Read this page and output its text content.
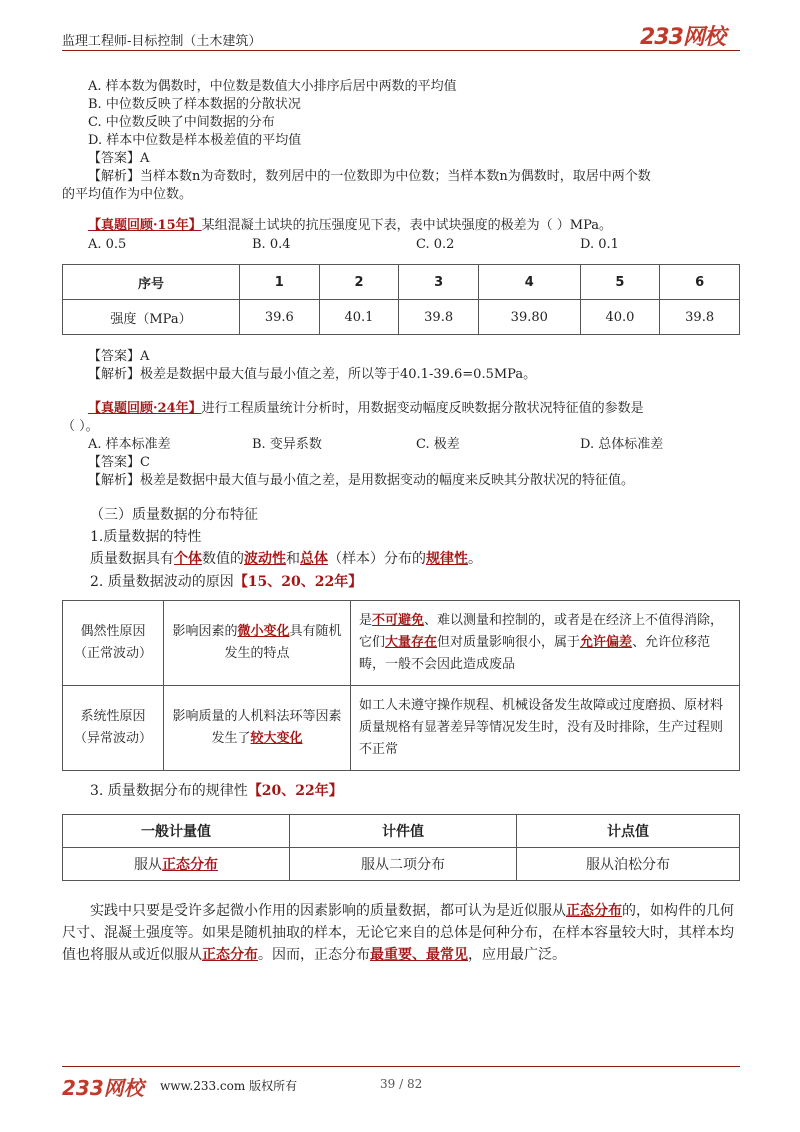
监理工程师-目标控制（土木建筑）	233网校
A. 样本数为偶数时，中位数是数值大小排序后居中两数的平均值
B. 中位数反映了样本数据的分散状况
C. 中位数反映了中间数据的分布
D. 样本中位数是样本极差值的平均值
【答案】A
【解析】当样本数n为奇数时，数列居中的一位数即为中位数；当样本数n为偶数时，取居中两个数
的平均值作为中位数。
【真题回顾·15年】某组混凝土试块的抗压强度见下表，表中试块强度的极差为（ ）MPa。
A. 0.5	B. 0.4	C. 0.2	D. 0.1
序号	1	2	3	4	5	6
强度（MPa）	39.6	40.1	39.8	39.80	40.0	39.8
【答案】A
【解析】极差是数据中最大值与最小值之差，所以等于40.1-39.6=0.5MPa。
【真题回顾·24年】进行工程质量统计分析时，用数据变动幅度反映数据分散状况特征值的参数是
（ ）。
A. 样本标准差	B. 变异系数	C. 极差	D. 总体标准差
【答案】C
【解析】极差是数据中最大值与最小值之差，是用数据变动的幅度来反映其分散状况的特征值。
（三）质量数据的分布特征
1.质量数据的特性
质量数据具有个体数值的波动性和总体（样本）分布的规律性。
2. 质量数据波动的原因【15、20、22年】
偶然性原因
（正常波动）	影响因素的微小变化具有随机发生的特点	是不可避免、难以测量和控制的，或者是在经济上不值得消除，它们大量存在但对质量影响很小，属于允许偏差、允许位移范畴，一般不会因此造成废品

系统性原因
（异常波动）	影响质量的人机料法环等因素发生了较大变化	如工人未遵守操作规程、机械设备发生故障或过度磨损、原材料质量规格有显著差异等情况发生时，没有及时排除，生产过程则不正常
3. 质量数据分布的规律性【20、22年】
一般计量值	计件值	计点值
服从正态分布	服从二项分布	服从泊松分布
实践中只要是受许多起微小作用的因素影响的质量数据，都可认为是近似服从正态分布的，如构件的几何尺寸、混凝土强度等。如果是随机抽取的样本，无论它来自的总体是何种分布，在样本容量较大时，其样本均值也将服从或近似服从正态分布。因而，正态分布最重要、最常见，应用最广泛。
233网校 www.233.com 版权所有	39 / 82
